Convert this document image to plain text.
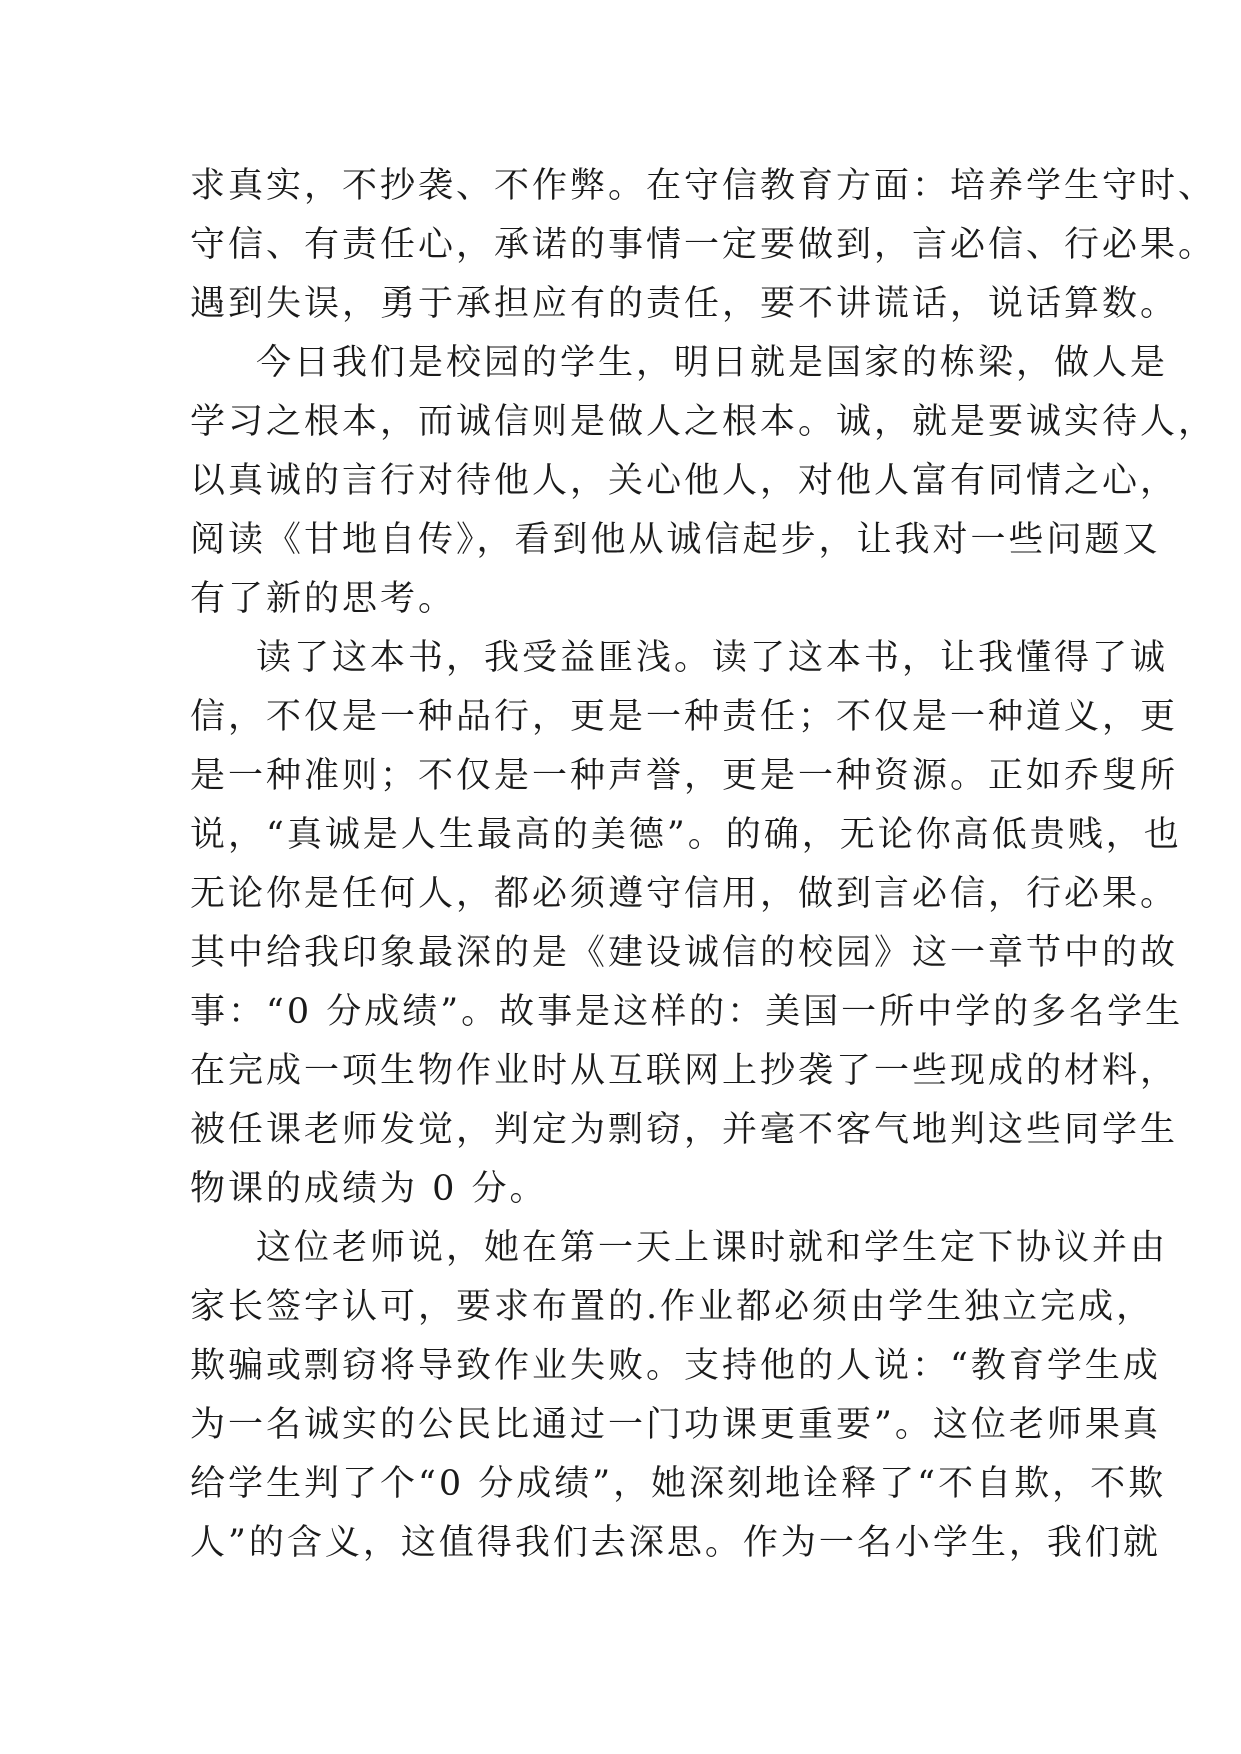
求真实，不抄袭、不作弊。在守信教育方面：培养学生守时、
守信、有责任心，承诺的事情一定要做到，言必信、行必果。
遇到失误，勇于承担应有的责任，要不讲谎话，说话算数。
今日我们是校园的学生，明日就是国家的栋梁，做人是
学习之根本，而诚信则是做人之根本。诚，就是要诚实待人，
以真诚的言行对待他人，关心他人，对他人富有同情之心，
阅读《甘地自传》，看到他从诚信起步，让我对一些问题又
有了新的思考。
读了这本书，我受益匪浅。读了这本书，让我懂得了诚
信，不仅是一种品行，更是一种责任；不仅是一种道义，更
是一种准则；不仅是一种声誉，更是一种资源。正如乔叟所
说，“真诚是人生最高的美德”。的确，无论你高低贵贱，也
无论你是任何人，都必须遵守信用，做到言必信，行必果。
其中给我印象最深的是《建设诚信的校园》这一章节中的故
事：“0 分成绩”。故事是这样的：美国一所中学的多名学生
在完成一项生物作业时从互联网上抄袭了一些现成的材料，
被任课老师发觉，判定为剽窃，并毫不客气地判这些同学生
物课的成绩为 0 分。
这位老师说，她在第一天上课时就和学生定下协议并由
家长签字认可，要求布置的.作业都必须由学生独立完成，
欺骗或剽窃将导致作业失败。支持他的人说：“教育学生成
为一名诚实的公民比通过一门功课更重要”。这位老师果真
给学生判了个“0 分成绩”，她深刻地诠释了“不自欺，不欺
人”的含义，这值得我们去深思。作为一名小学生，我们就
